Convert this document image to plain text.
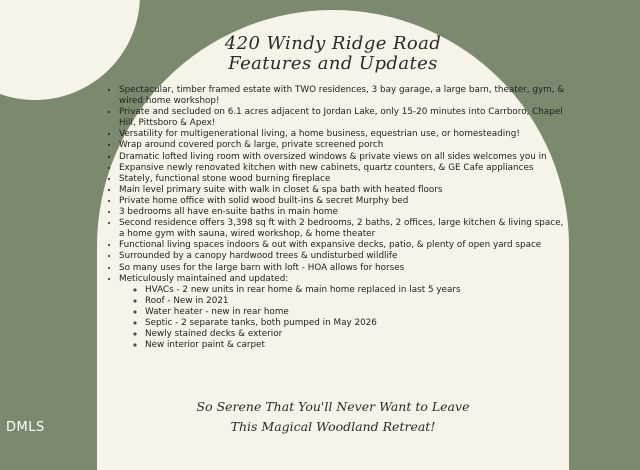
420 Windy Ridge Road
Features and Updates
• Spectacular, timber framed estate with TWO residences, 3 bay garage, a large barn, theater, gym, & wired home workshop!
• Private and secluded on 6.1 acres adjacent to Jordan Lake, only 15-20 minutes into Carrboro, Chapel Hill, Pittsboro & Apex!
• Versatility for multigenerational living, a home business, equestrian use, or homesteading!
• Wrap around covered porch & large, private screened porch
• Dramatic lofted living room with oversized windows & private views on all sides welcomes you in
• Expansive newly renovated kitchen with new cabinets, quartz counters, & GE Cafe appliances
• Stately, functional stone wood burning fireplace
• Main level primary suite with walk in closet & spa bath with heated floors
• Private home office with solid wood built-ins & secret Murphy bed
• 3 bedrooms all have en-suite baths in main home
• Second residence offers 3,398 sq ft with 2 bedrooms, 2 baths, 2 offices, large kitchen & living space, a home gym with sauna, wired workshop, & home theater
• Functional living spaces indoors & out with expansive decks, patio, & plenty of open yard space
• Surrounded by a canopy hardwood trees & undisturbed wildlife
• So many uses for the large barn with loft - HOA allows for horses
• Meticulously maintained and updated:
◦ HVACs - 2 new units in rear home & main home replaced in last 5 years
◦ Roof - New in 2021
◦ Water heater - new in rear home
◦ Septic - 2 separate tanks, both pumped in May 2026
◦ Newly stained decks & exterior
◦ New interior paint & carpet
So Serene That You'll Never Want to Leave
This Magical Woodland Retreat!
DMLS
